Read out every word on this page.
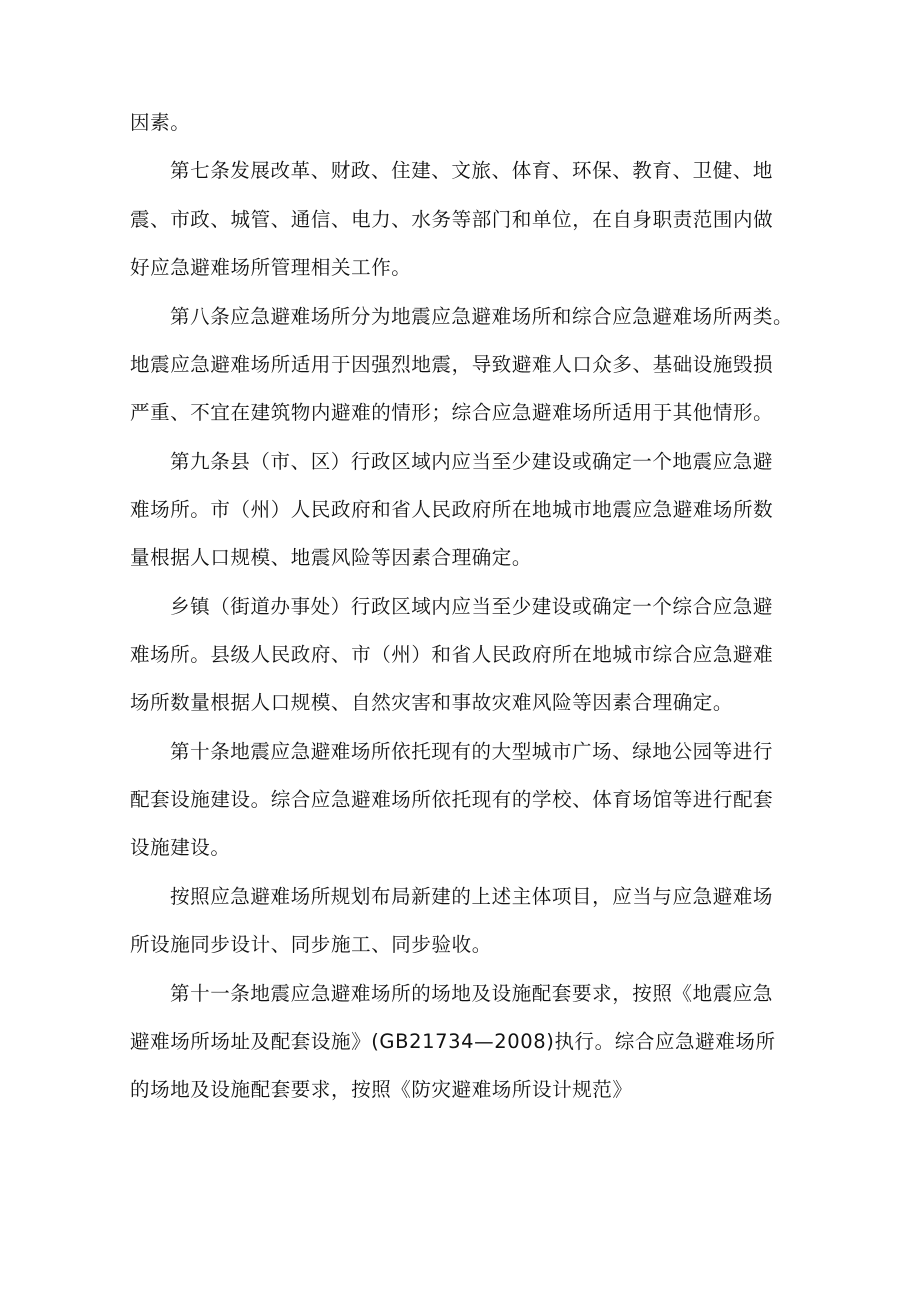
因素。

第七条发展改革、财政、住建、文旅、体育、环保、教育、卫健、地

震、市政、城管、通信、电力、水务等部门和单位，在自身职责范围内做

好应急避难场所管理相关工作。

第八条应急避难场所分为地震应急避难场所和综合应急避难场所两类。

地震应急避难场所适用于因强烈地震，导致避难人口众多、基础设施毁损

严重、不宜在建筑物内避难的情形；综合应急避难场所适用于其他情形。

第九条县（市、区）行政区域内应当至少建设或确定一个地震应急避

难场所。市（州）人民政府和省人民政府所在地城市地震应急避难场所数

量根据人口规模、地震风险等因素合理确定。

乡镇（街道办事处）行政区域内应当至少建设或确定一个综合应急避

难场所。县级人民政府、市（州）和省人民政府所在地城市综合应急避难

场所数量根据人口规模、自然灾害和事故灾难风险等因素合理确定。

第十条地震应急避难场所依托现有的大型城市广场、绿地公园等进行

配套设施建设。综合应急避难场所依托现有的学校、体育场馆等进行配套

设施建设。

按照应急避难场所规划布局新建的上述主体项目，应当与应急避难场

所设施同步设计、同步施工、同步验收。

第十一条地震应急避难场所的场地及设施配套要求，按照《地震应急

避难场所场址及配套设施》(GB21734—2008)执行。综合应急避难场所

的场地及设施配套要求，按照《防灾避难场所设计规范》
